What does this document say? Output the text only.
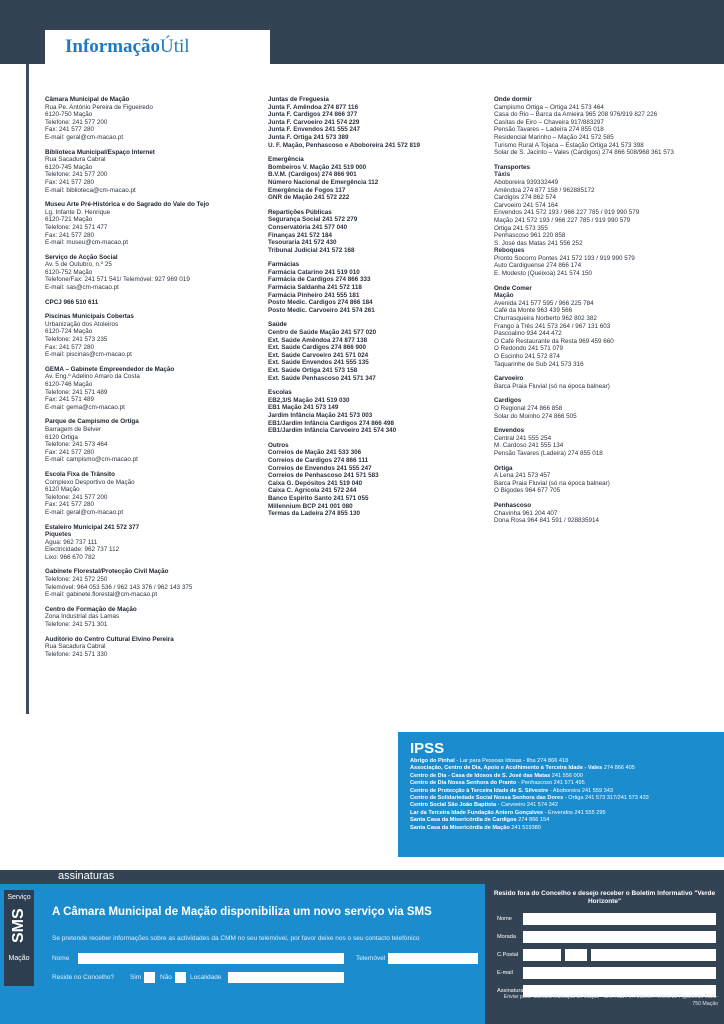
InformaçãoÚtil
Câmara Municipal de Mação
Rua Pe. António Pereira de Figueiredo
6120-750 Mação
Telefone: 241 577 200
Fax: 241 577 280
E-mail: geral@cm-macao.pt
Biblioteca Municipal/Espaço Internet
Rua Sacadura Cabral
6120-745 Mação
Telefone: 241 577 200
Fax: 241 577 280
E-mail: biblioteca@cm-macao.pt
Museu Arte Pré-Histórica e do Sagrado do Vale do Tejo
Lg. Infante D. Henrique
6120-721 Mação
Telefone: 241 571 477
Fax: 241 577 280
E-mail: museu@cm-macao.pt
Serviço de Acção Social
Av. 5 de Outubro, n.º 25
6120-752 Mação
Telefone/Fax: 241 571 541/ Telemóvel: 927 969 019
E-mail: sas@cm-macao.pt
CPCJ 966 510 611
Piscinas Municipais Cobertas
Urbanização dos Atoleiros
6120-724 Mação
Telefone: 241 573 235
Fax: 241 577 280
E-mail: piscinas@cm-macao.pt
GEMA – Gabinete Empreendedor de Mação
Av. Eng.º Adelino Amaro da Costa
6120-746 Mação
Telefone: 241 571 489
Fax: 241 571 489
E-mail: gema@cm-macao.pt
Parque de Campismo de Ortiga
Barragem de Belver
6120 Ortiga
Telefone: 241 573 464
Fax: 241 577 280
E-mail: campismo@cm-macao.pt
Escola Fixa de Trânsito
Complexo Desportivo de Mação
6120 Mação
Telefone: 241 577 200
Fax: 241 577 280
E-mail: geral@cm-macao.pt
Estaleiro Municipal 241 572 377
Piquetes
Água: 962 737 111
Electricidade: 962 737 112
Lixo: 966 670 782
Gabinete Florestal/Protecção Civil Mação
Telefone: 241 572 250
Telemóvel: 964 053 536 / 962 143 376 / 962 143 375
E-mail: gabinete.florestal@cm-macao.pt
Centro de Formação de Mação
Zona Industrial das Lamas
Telefone: 241 571 301
Auditório do Centro Cultural Elvino Pereira
Rua Sacadura Cabral
Telefone: 241 571 330
Juntas de Freguesia
Junta F. Amêndoa 274 877 116
Junta F. Cardigos 274 866 377
Junta F. Carvoeiro 241 574 229
Junta F. Envendos 241 555 247
Junta F. Ortiga 241 573 389
U. F. Mação, Penhascoso e Aboboreira 241 572 819
Emergência
Bombeiros V. Mação 241 519 000
B.V.M. (Cardigos) 274 866 901
Número Nacional de Emergência 112
Emergência de Fogos 117
GNR de Mação 241 572 222
Repartições Públicas
Segurança Social 241 572 279
Conservatória 241 577 040
Finanças 241 572 184
Tesouraria 241 572 430
Tribunal Judicial 241 572 168
Farmácias
Farmácia Catarino 241 519 010
Farmácia de Cardigos 274 866 333
Farmácia Saldanha 241 572 118
Farmácia Pinheiro 241 555 181
Posto Medic. Cardigos 274 866 184
Posto Medic. Carvoeiro 241 574 261
Saúde
Centro de Saúde Mação 241 577 020
Ext. Saúde Amêndoa 274 877 138
Ext. Saúde Cardigos 274 866 900
Ext. Saúde Carvoeiro 241 571 024
Ext. Saúde Envendos 241 555 135
Ext. Saúde Ortiga 241 573 158
Ext. Saúde Penhascoso 241 571 347
Escolas
EB2,3/S Mação 241 519 030
EB1 Mação 241 573 149
Jardim Infância Mação 241 573 003
EB1/Jardim Infância Cardigos 274 866 498
EB1/Jardim Infância Carvoeiro 241 574 340
Outros
Correios de Mação 241 533 306
Correios de Cardigos 274 866 111
Correios de Envendos 241 555 247
Correios de Penhascoso 241 571 583
Caixa G. Depósitos 241 519 040
Caixa C. Agrícola 241 572 244
Banco Espírito Santo 241 571 055
Millennium BCP 241 001 080
Termas da Ladeira 274 855 130
Onde dormir
Campismo Ortiga – Ortiga 241 573 464
Casa do Rio – Barca da Amieira 965 208 976/919 827 226
Casitas de Eiro – Chaveira 917/883297
Pensão Tavares – Ladeira 274 855 018
Residencial Marinho – Mação 241 572 585
Turismo Rural A Tojaca – Estação Ortiga 241 573 398
Solar de S. Jacinto – Vales (Cardigos) 274 866 508/968 361 573
Transportes
Táxis
Aboboreira 939332449
Amêndoa 274 877 158 / 962885172
Cardigos 274 862 574
Carvoeiro 241 574 164
Envendos 241 572 193 / 966 227 785 / 919 990 579
Mação 241 572 193 / 966 227 785 / 919 990 579
Ortiga 241 573 355
Penhascoso 961 220 858
S. José das Matas 241 556 252
Reboques
Pronto Socorro Pontes 241 572 193 / 919 990 579
Auto Cardiguense 274 866 174
E. Modesto (Queixoa) 241 574 150
Onde Comer
Mação
Avenida 241 577 595 / 966 225 784
Café da Monte 963 439 566
Churrasqueira Norberto 962 802 382
Frango à Três 241 573 264 / 967 131 603
Pascoalino 934 244 472
O Café Restaurante da Resta 969 459 660
O Redondo 241 571 079
O Escinho 241 572 874
Taquarinhe de Sub 241 573 316
Carvoeiro
Barca Praia Fluvial (só na época balnear)
Cardigos
O Regional 274 866 858
Solar do Moinho 274 866 505
Envendos
Central 241 555 254
M. Cardoso 241 555 134
Pensão Tavares (Ladeira) 274 855 018
Ortiga
A Lena 241 573 457
Barca Praia Fluvial (só na época balnear)
O Bigodes 964 677 705
Penhascoso
Chavinha 961 204 407
Dona Rosa 964 841 591 / 928835914
IPSS
Abrigo do Pinhal - Lar para Pessoas Idosas - Ilha 274 866 418
Associação, Centro de Dia, Apoio e Acolhimento à Terceira Idade - Vales 274 866 405
Centro de Dia - Casa de Idosos de S. José das Matas 241 556 000
Centro de Dia Nossa Senhora do Pranto - Penhascoso 241 571 495
Centro de Protecção à Terceira Idade de S. Silvestre - Aboboreira 241 559 343
Centro de Solidariedade Social Nossa Senhora das Dores - Ortiga 241 573 317/241 573 433
Centro Social São João Baptista - Carvoeiro 241 574 342
Lar da Terceira Idade Fundação Antero Gonçalves - Envendos 241 555 295
Santa Casa da Misericórdia de Cardigos 274 866 154
Santa Casa da Misericórdia de Mação 241 519380
assinaturas
Serviço
SMS
Mação
A Câmara Municipal de Mação disponibiliza um novo serviço via SMS
Se pretende receber informações sobre as actividades da CMM no seu telemóvel, por favor deixe nos o seu contacto telefónico
Nome	Telemóvel
Reside no Concelho? Sim	Não	Localidade
Resido fora do Concelho e desejo receber o Boletim Informativo "Verde Horizonte"
Nome
Morada
C.Postal
E-mail
Assinatura
Enviar para: Câmara Municipal de Mação - C/k. Rua Pe. António Pereira de Figueiredo 6120-750 Mação
